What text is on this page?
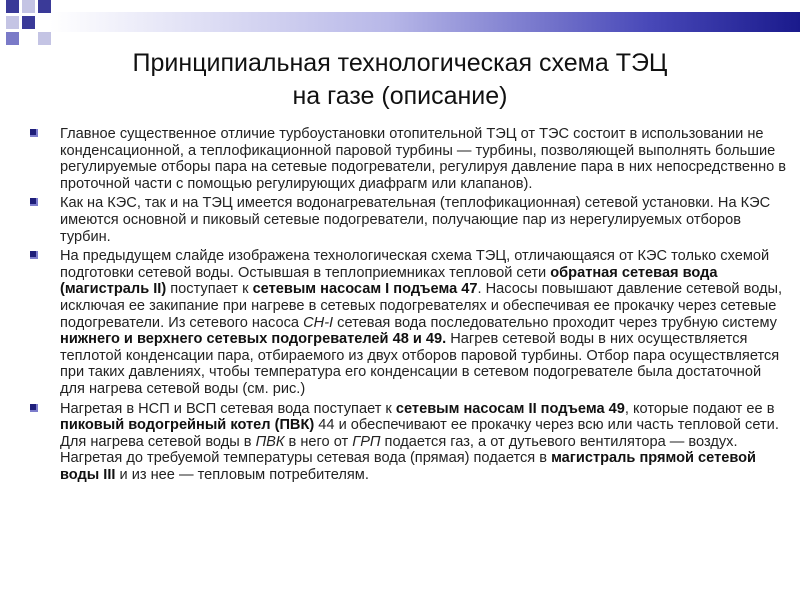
Принципиальная технологическая схема ТЭЦ
на газе (описание)
Главное существенное отличие турбоустановки отопительной ТЭЦ от ТЭС состоит в использовании не конденсационной, а теплофикационной паровой турбины — турбины, позволяющей выполнять большие регулируемые отборы пара на сетевые подогреватели, регулируя давление пара в них непосредственно в проточной части с помощью регулирующих диафрагм или клапанов).
Как на КЭС, так и на ТЭЦ имеется водонагревательная (теплофикационная) сетевой установки. На КЭС имеются основной и пиковый сетевые подогреватели, получающие пар из нерегулируемых отборов турбин.
На предыдущем слайде изображена технологическая схема ТЭЦ, отличающаяся от КЭС только схемой подготовки сетевой воды. Остывшая в теплоприемниках тепловой сети обратная сетевая вода (магистраль II) поступает к сетевым насосам I подъема 47. Насосы повышают давление сетевой воды, исключая ее закипание при нагреве в сетевых подогревателях и обеспечивая ее прокачку через сетевые подогреватели. Из сетевого насоса СН-I сетевая вода последовательно проходит через трубную систему нижнего и верхнего сетевых подогревателей 48 и 49. Нагрев сетевой воды в них осуществляется теплотой конденсации пара, отбираемого из двух отборов паровой турбины. Отбор пара осуществляется при таких давлениях, чтобы температура его конденсации в сетевом подогревателе была достаточной для нагрева сетевой воды (см. рис.)
Нагретая в НСП и ВСП сетевая вода поступает к сетевым насосам II подъема 49, которые подают ее в пиковый водогрейный котел (ПВК) 44 и обеспечивают ее прокачку через всю или часть тепловой сети. Для нагрева сетевой воды в ПВК в него от ГРП подается газ, а от дутьевого вентилятора — воздух. Нагретая до требуемой температуры сетевая вода (прямая) подается в магистраль прямой сетевой воды III и из нее — тепловым потребителям.
